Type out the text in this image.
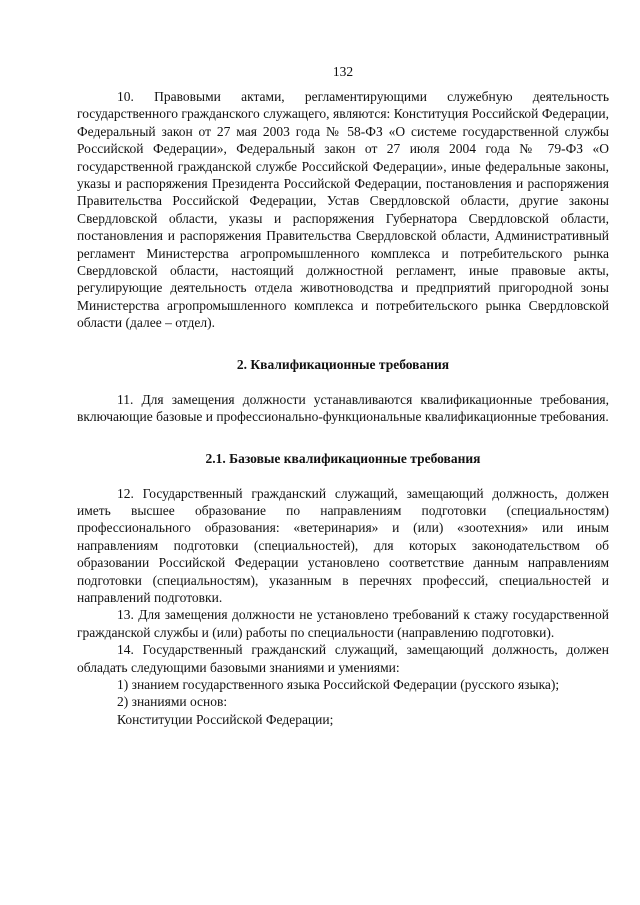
132

10. Правовыми актами, регламентирующими служебную деятельность государственного гражданского служащего, являются: Конституция Российской Федерации, Федеральный закон от 27 мая 2003 года № 58-ФЗ «О системе государственной службы Российской Федерации», Федеральный закон от 27 июля 2004 года № 79-ФЗ «О государственной гражданской службе Российской Федерации», иные федеральные законы, указы и распоряжения Президента Российской Федерации, постановления и распоряжения Правительства Российской Федерации, Устав Свердловской области, другие законы Свердловской области, указы и распоряжения Губернатора Свердловской области, постановления и распоряжения Правительства Свердловской области, Административный регламент Министерства агропромышленного комплекса и потребительского рынка Свердловской области, настоящий должностной регламент, иные правовые акты, регулирующие деятельность отдела животноводства и предприятий пригородной зоны Министерства агропромышленного комплекса и потребительского рынка Свердловской области (далее – отдел).

2. Квалификационные требования

11. Для замещения должности устанавливаются квалификационные требования, включающие базовые и профессионально-функциональные квалификационные требования.

2.1. Базовые квалификационные требования

12. Государственный гражданский служащий, замещающий должность, должен иметь высшее образование по направлениям подготовки (специальностям) профессионального образования: «ветеринария» и (или) «зоотехния» или иным направлениям подготовки (специальностей), для которых законодательством об образовании Российской Федерации установлено соответствие данным направлениям подготовки (специальностям), указанным в перечнях профессий, специальностей и направлений подготовки.

13. Для замещения должности не установлено требований к стажу государственной гражданской службы и (или) работы по специальности (направлению подготовки).

14. Государственный гражданский служащий, замещающий должность, должен обладать следующими базовыми знаниями и умениями:

1) знанием государственного языка Российской Федерации (русского языка);

2) знаниями основ:

Конституции Российской Федерации;
